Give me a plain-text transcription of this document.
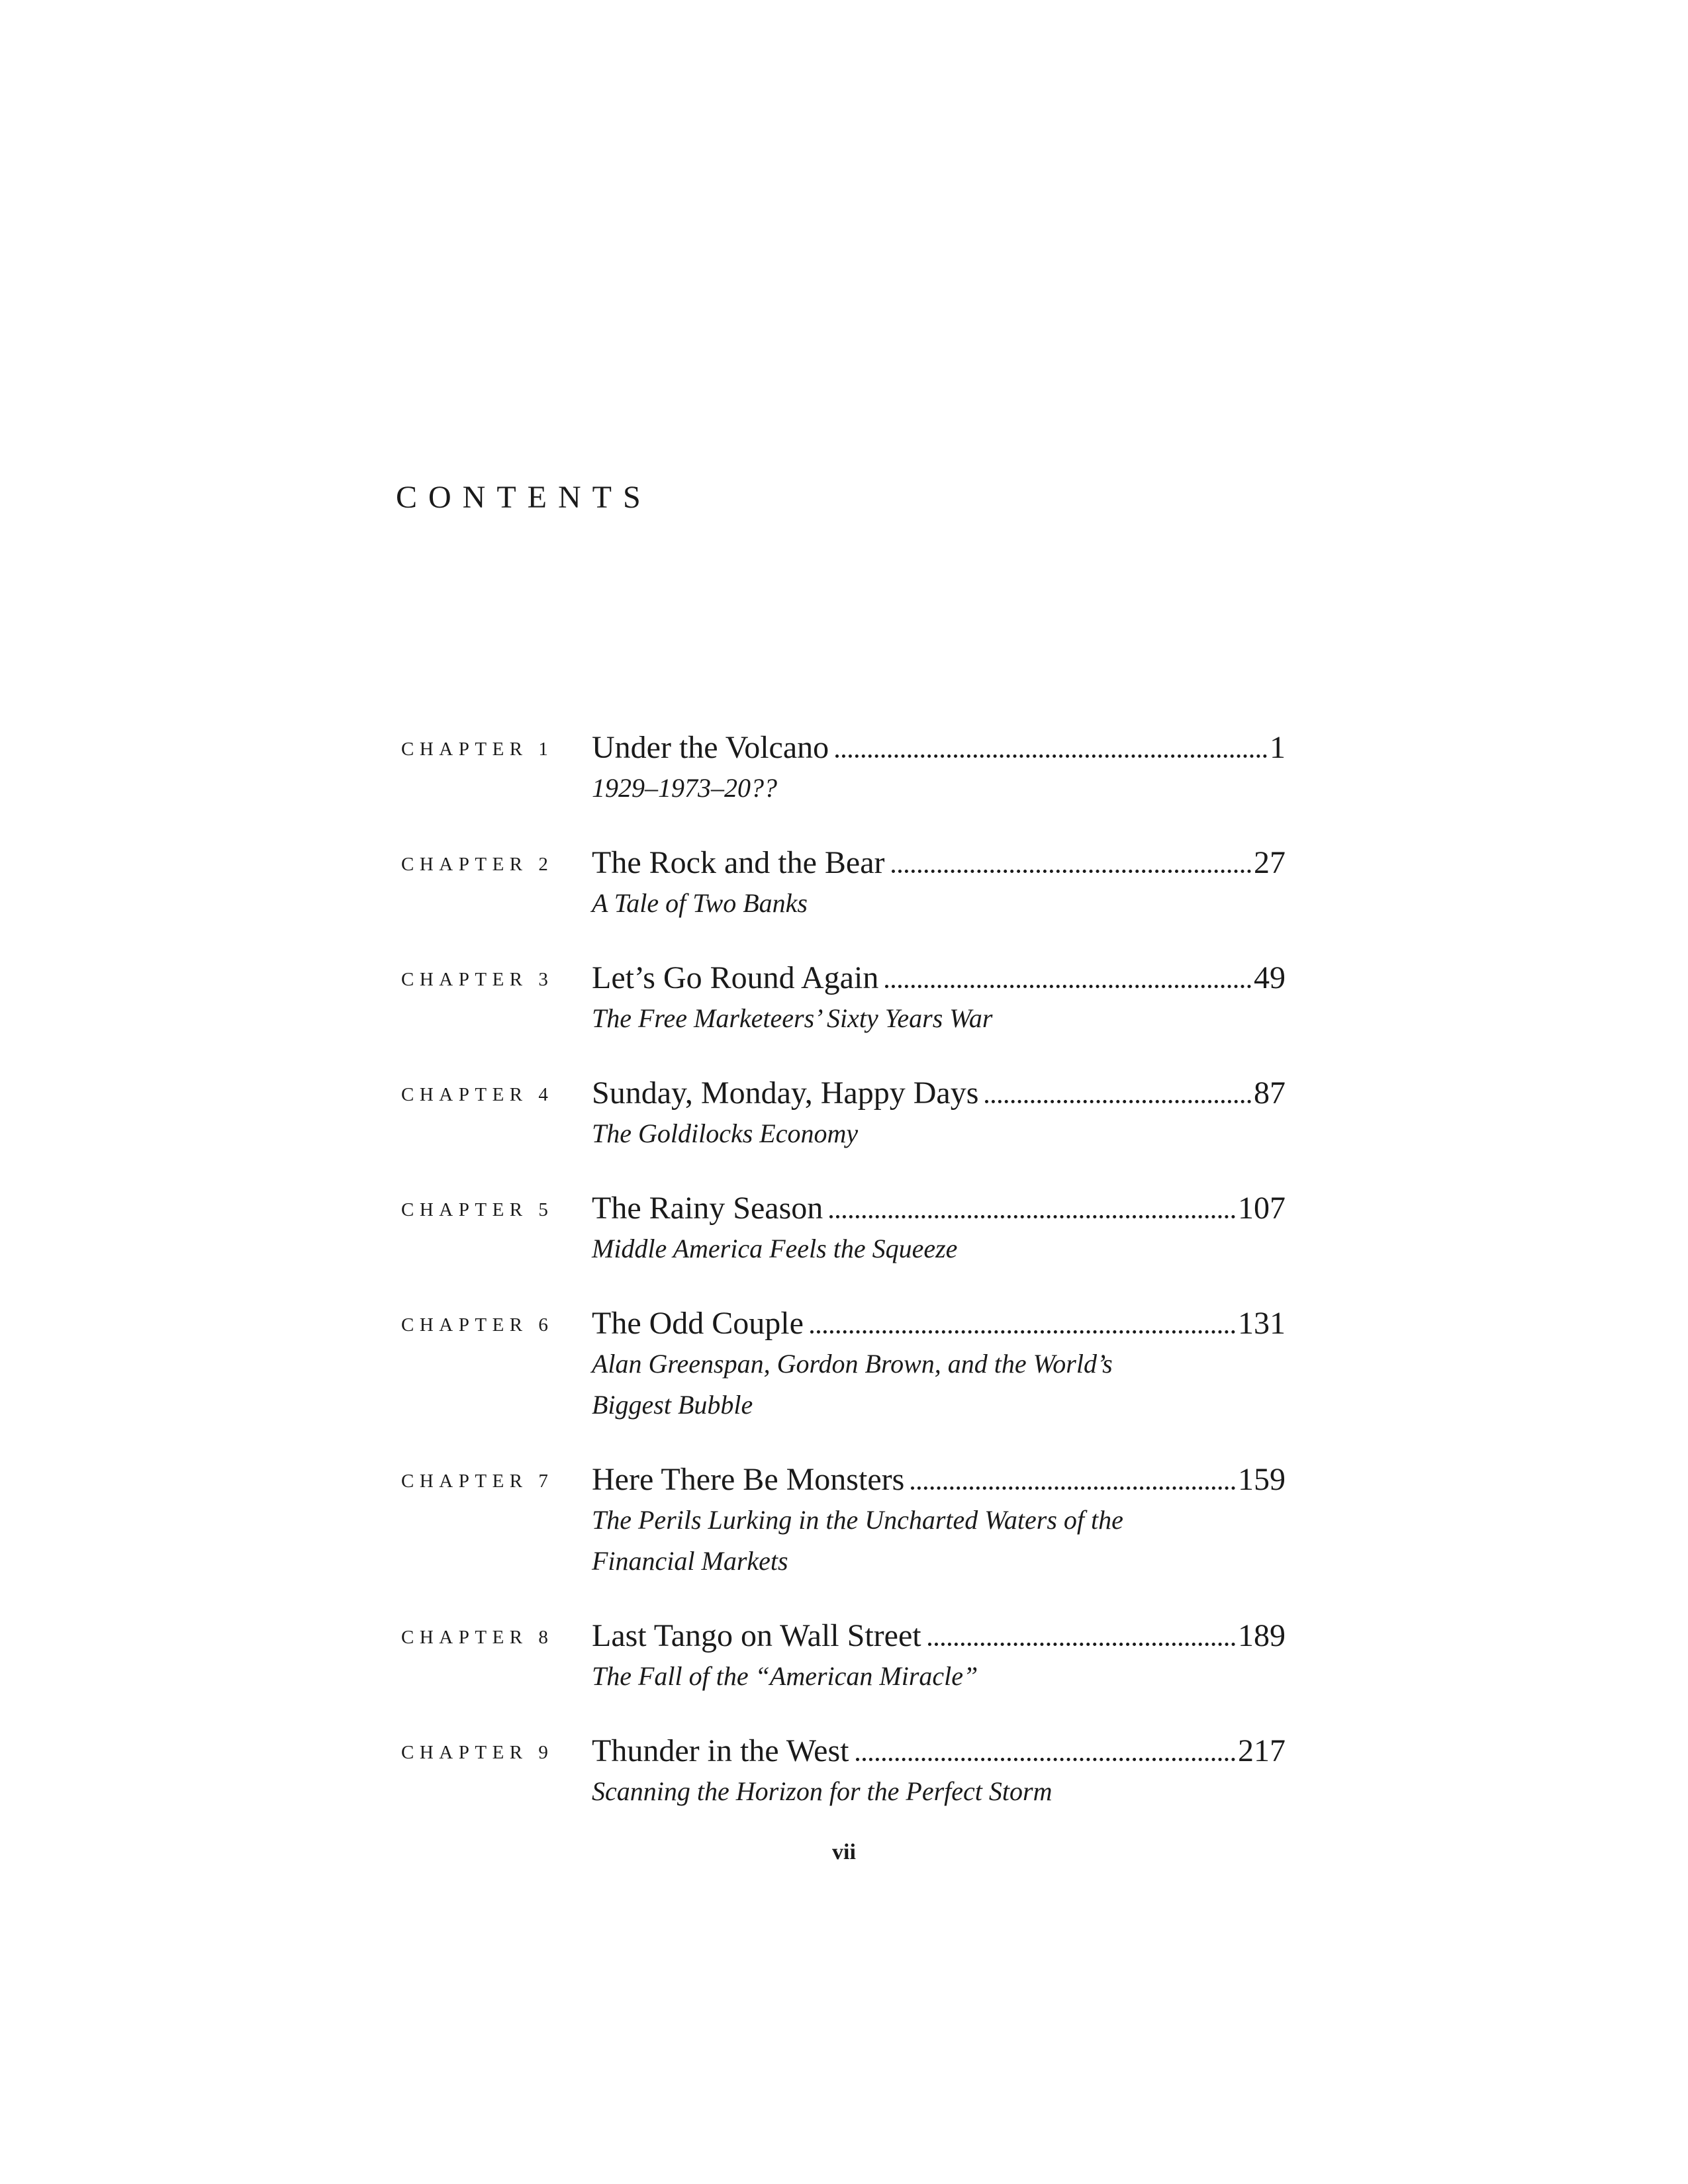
CONTENTS
CHAPTER 1	Under the Volcano	1
1929–1973–20??
CHAPTER 2	The Rock and the Bear	27
A Tale of Two Banks
CHAPTER 3	Let’s Go Round Again	49
The Free Marketeers’ Sixty Years War
CHAPTER 4	Sunday, Monday, Happy Days	87
The Goldilocks Economy
CHAPTER 5	The Rainy Season	107
Middle America Feels the Squeeze
CHAPTER 6	The Odd Couple	131
Alan Greenspan, Gordon Brown, and the World’s Biggest Bubble
CHAPTER 7	Here There Be Monsters	159
The Perils Lurking in the Uncharted Waters of the Financial Markets
CHAPTER 8	Last Tango on Wall Street	189
The Fall of the “American Miracle”
CHAPTER 9	Thunder in the West	217
Scanning the Horizon for the Perfect Storm
vii
